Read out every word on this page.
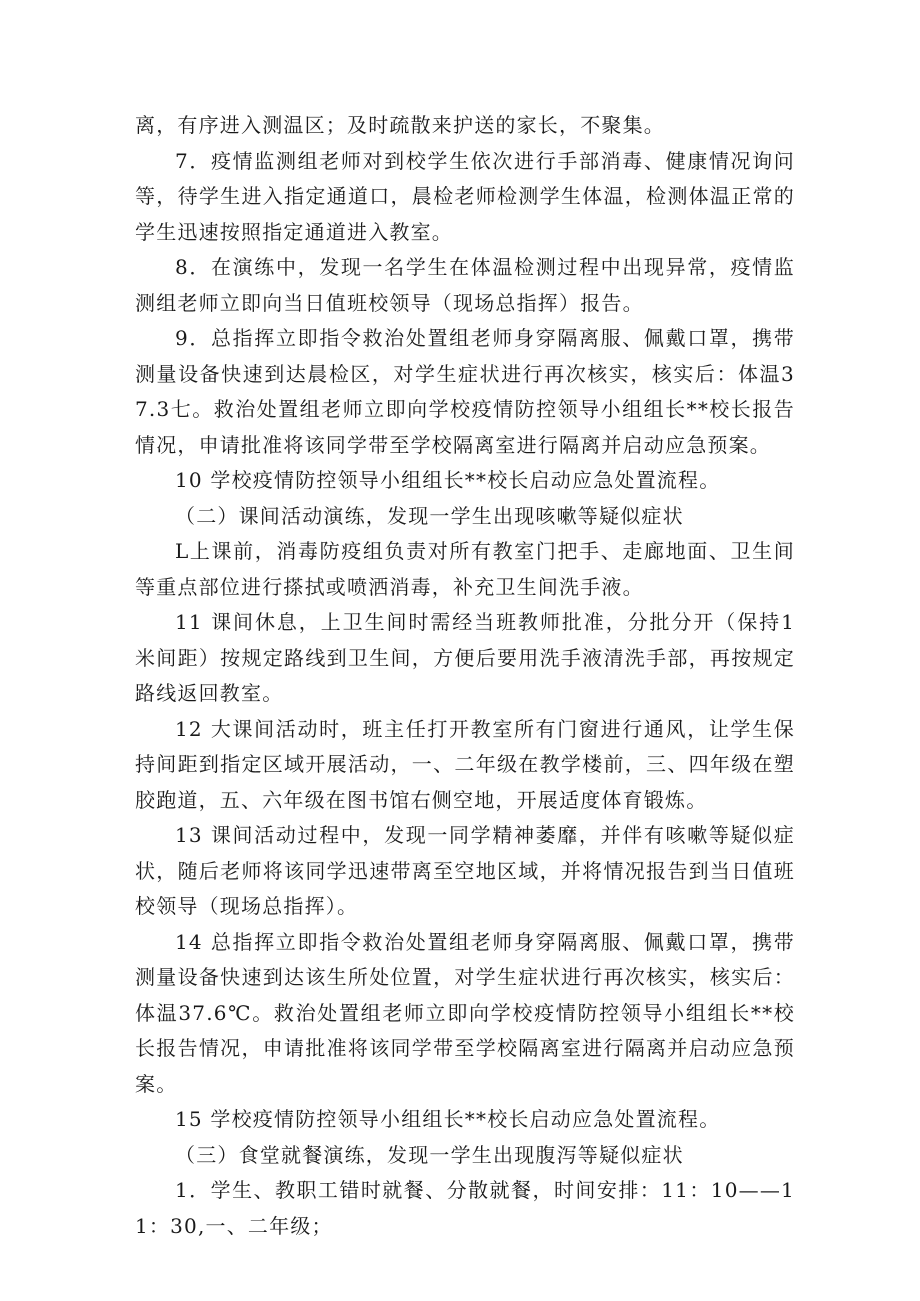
离，有序进入测温区；及时疏散来护送的家长，不聚集。

7．疫情监测组老师对到校学生依次进行手部消毒、健康情况询问等，待学生进入指定通道口，晨检老师检测学生体温，检测体温正常的学生迅速按照指定通道进入教室。

8．在演练中，发现一名学生在体温检测过程中出现异常，疫情监测组老师立即向当日值班校领导（现场总指挥）报告。

9．总指挥立即指令救治处置组老师身穿隔离服、佩戴口罩，携带测量设备快速到达晨检区，对学生症状进行再次核实，核实后：体温37.3七。救治处置组老师立即向学校疫情防控领导小组组长**校长报告情况，申请批准将该同学带至学校隔离室进行隔离并启动应急预案。

10 学校疫情防控领导小组组长**校长启动应急处置流程。

（二）课间活动演练，发现一学生出现咳嗽等疑似症状

L上课前，消毒防疫组负责对所有教室门把手、走廊地面、卫生间等重点部位进行搽拭或喷洒消毒，补充卫生间洗手液。

11 课间休息，上卫生间时需经当班教师批准，分批分开（保持1米间距）按规定路线到卫生间，方便后要用洗手液清洗手部，再按规定路线返回教室。

12 大课间活动时，班主任打开教室所有门窗进行通风，让学生保持间距到指定区域开展活动，一、二年级在教学楼前，三、四年级在塑胶跑道，五、六年级在图书馆右侧空地，开展适度体育锻炼。

13 课间活动过程中，发现一同学精神萎靡，并伴有咳嗽等疑似症状，随后老师将该同学迅速带离至空地区域，并将情况报告到当日值班校领导（现场总指挥）。

14 总指挥立即指令救治处置组老师身穿隔离服、佩戴口罩，携带测量设备快速到达该生所处位置，对学生症状进行再次核实，核实后：体温37.6℃。救治处置组老师立即向学校疫情防控领导小组组长**校长报告情况，申请批准将该同学带至学校隔离室进行隔离并启动应急预案。

15 学校疫情防控领导小组组长**校长启动应急处置流程。

（三）食堂就餐演练，发现一学生出现腹泻等疑似症状

1．学生、教职工错时就餐、分散就餐，时间安排：11：10——11：30,一、二年级；
